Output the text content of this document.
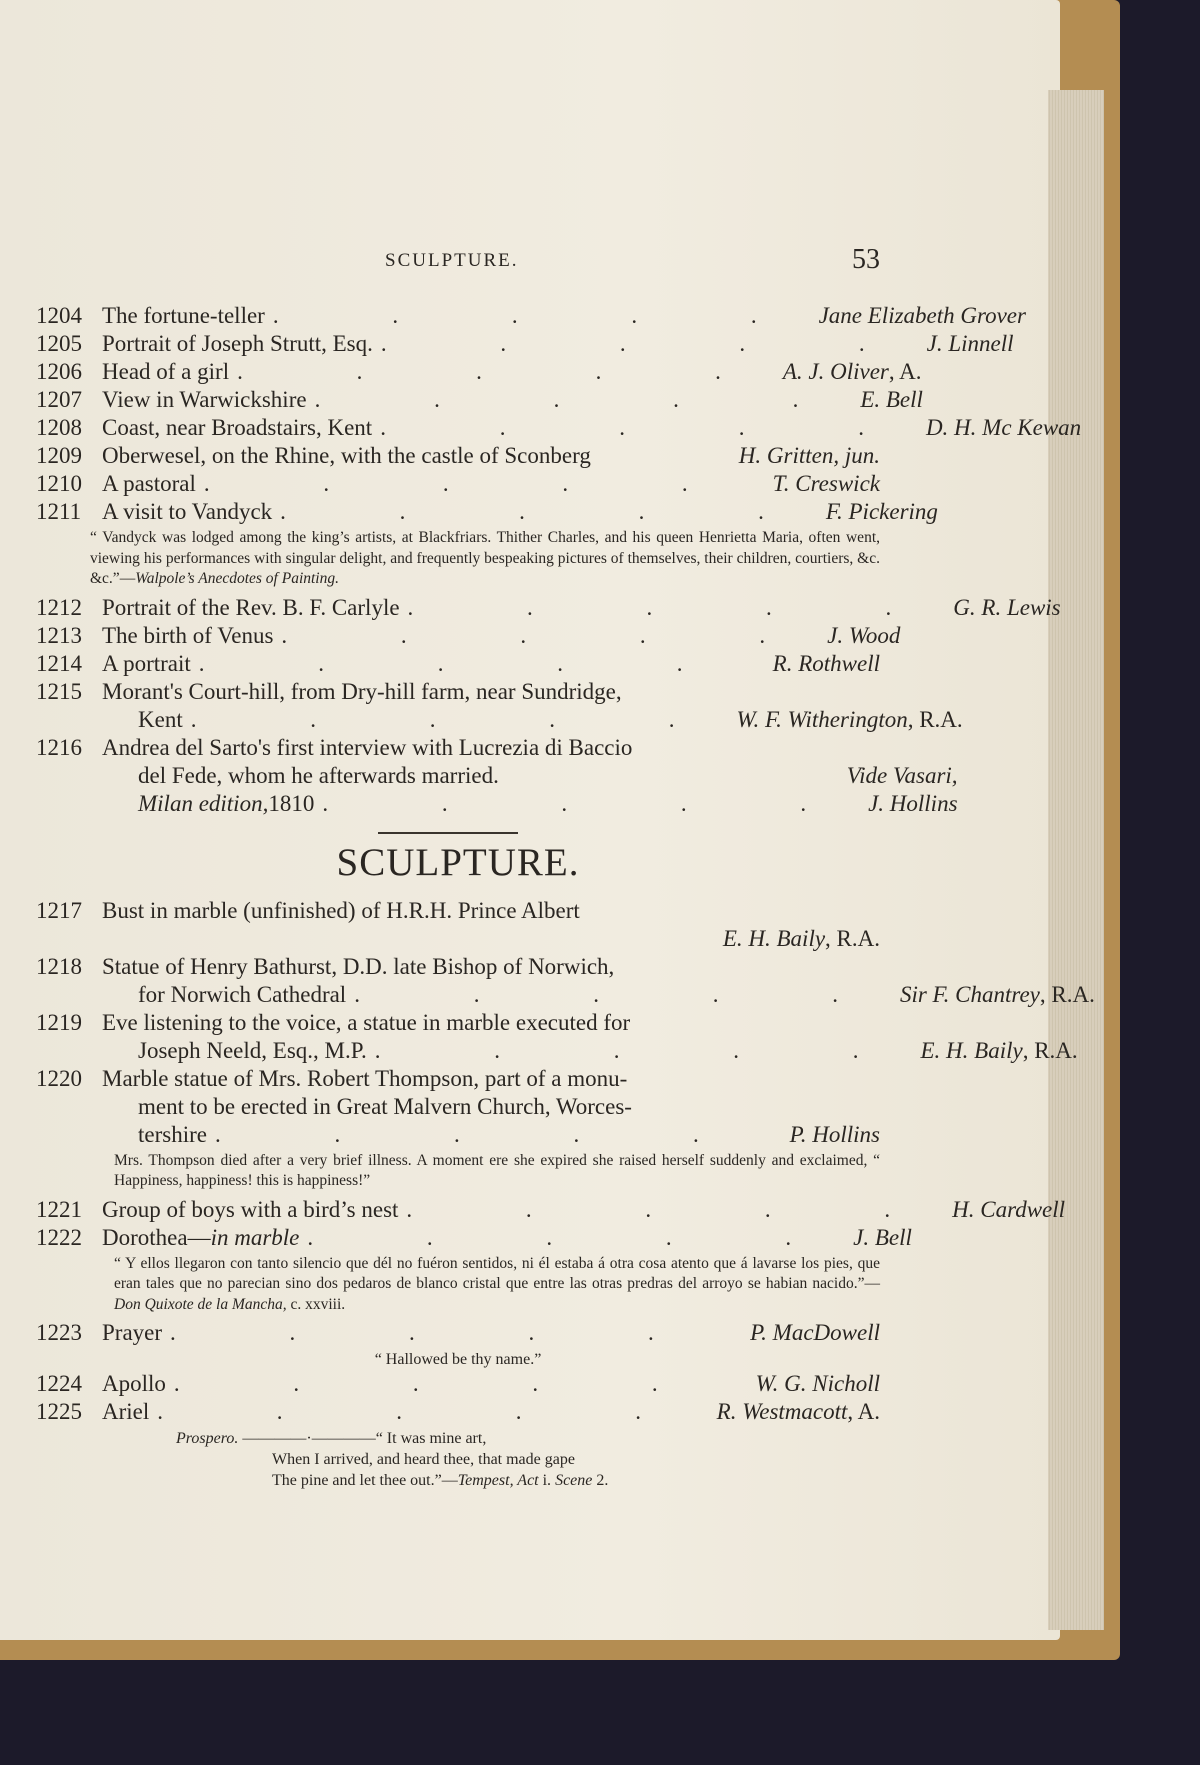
SCULPTURE.	53
1204 The fortune-teller . . . . . Jane Elizabeth Grover
1205 Portrait of Joseph Strutt, Esq. . . . . . J. Linnell
1206 Head of a girl . . . . . A. J. Oliver , A.
1207 View in Warwickshire . . . . . E. Bell
1208 Coast, near Broadstairs, Kent . . . . . D. H. Mc Kewan
1209 Oberwesel, on the Rhine, with the castle of Sconberg	H. Gritten, jun.
1210 A pastoral . . . . .	T. Creswick
1211 A visit to Vandyck . . . . . F. Pickering

“ Vandyck was lodged among the king’s artists, at Blackfriars. Thither Charles, and his queen Henrietta Maria, often went, viewing his performances with singular delight, and frequently bespeaking pictures of themselves, their children, courtiers, &c. &c.”—Walpole’s Anecdotes of Painting.

1212 Portrait of the Rev. B. F. Carlyle . . . . . G. R. Lewis
1213 The birth of Venus . . . . . J. Wood
1214 A portrait . . . . .	R. Rothwell
1215 Morant's Court-hill, from Dry-hill farm, near Sundridge,
Kent . . . . . W. F. Witherington , R.A.
1216 Andrea del Sarto's first interview with Lucrezia di Baccio
del Fede, whom he afterwards married.	Vide Vasari,
Milan edition, 1810 . . . . . J. Hollins
SCULPTURE.
1217 Bust in marble (unfinished) of H.R.H. Prince Albert
E. H. Baily , R.A.
1218 Statue of Henry Bathurst, D.D. late Bishop of Norwich,
for Norwich Cathedral . . . . . Sir F. Chantrey , R.A.
1219 Eve listening to the voice, a statue in marble executed for
Joseph Neeld, Esq., M.P. . . . . . E. H. Baily , R.A.
1220 Marble statue of Mrs. Robert Thompson, part of a monu-
ment to be erected in Great Malvern Church, Worces-
tershire . . . . .	P. Hollins

Mrs. Thompson died after a very brief illness. A moment ere she expired she raised herself suddenly and exclaimed, “ Happiness, happiness! this is happiness!”

1221 Group of boys with a bird’s nest . . . . . H. Cardwell
1222 Dorothea— in marble . . . . . J. Bell

“ Y ellos llegaron con tanto silencio que dél no fuéron sentidos, ni él estaba á otra cosa atento que á lavarse los pies, que eran tales que no parecian sino dos pedaros de blanco cristal que entre las otras predras del arroyo se habian nacido.”—Don Quixote de la Mancha, c. xxviii.

1223 Prayer . . . . .	P. MacDowell
“ Hallowed be thy name.”
1224 Apollo . . . . .	W. G. Nicholl
1225 Ariel . . . . . R. Westmacott , A.
Prospero. ————·————“ It was mine art,
When I arrived, and heard thee, that made gape
The pine and let thee out.”—Tempest, Act i. Scene 2.
